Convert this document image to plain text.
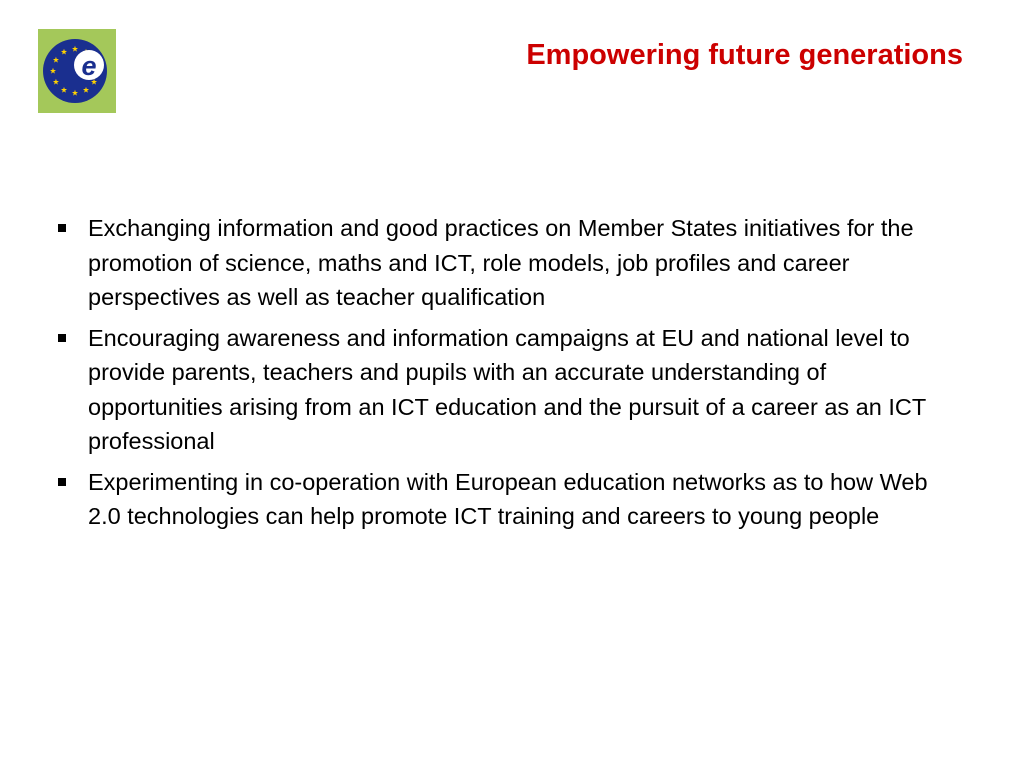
e	Empowering future generations
Exchanging information and good practices on Member States initiatives for the promotion of science, maths and ICT, role models, job profiles and career perspectives as well as teacher qualification
Encouraging awareness and information campaigns at EU and national level to provide parents, teachers and pupils with an accurate understanding of opportunities arising from an ICT education and the pursuit of a career as an ICT professional
Experimenting in co-operation with European education networks as to how Web 2.0 technologies can help promote ICT training and careers to young people
